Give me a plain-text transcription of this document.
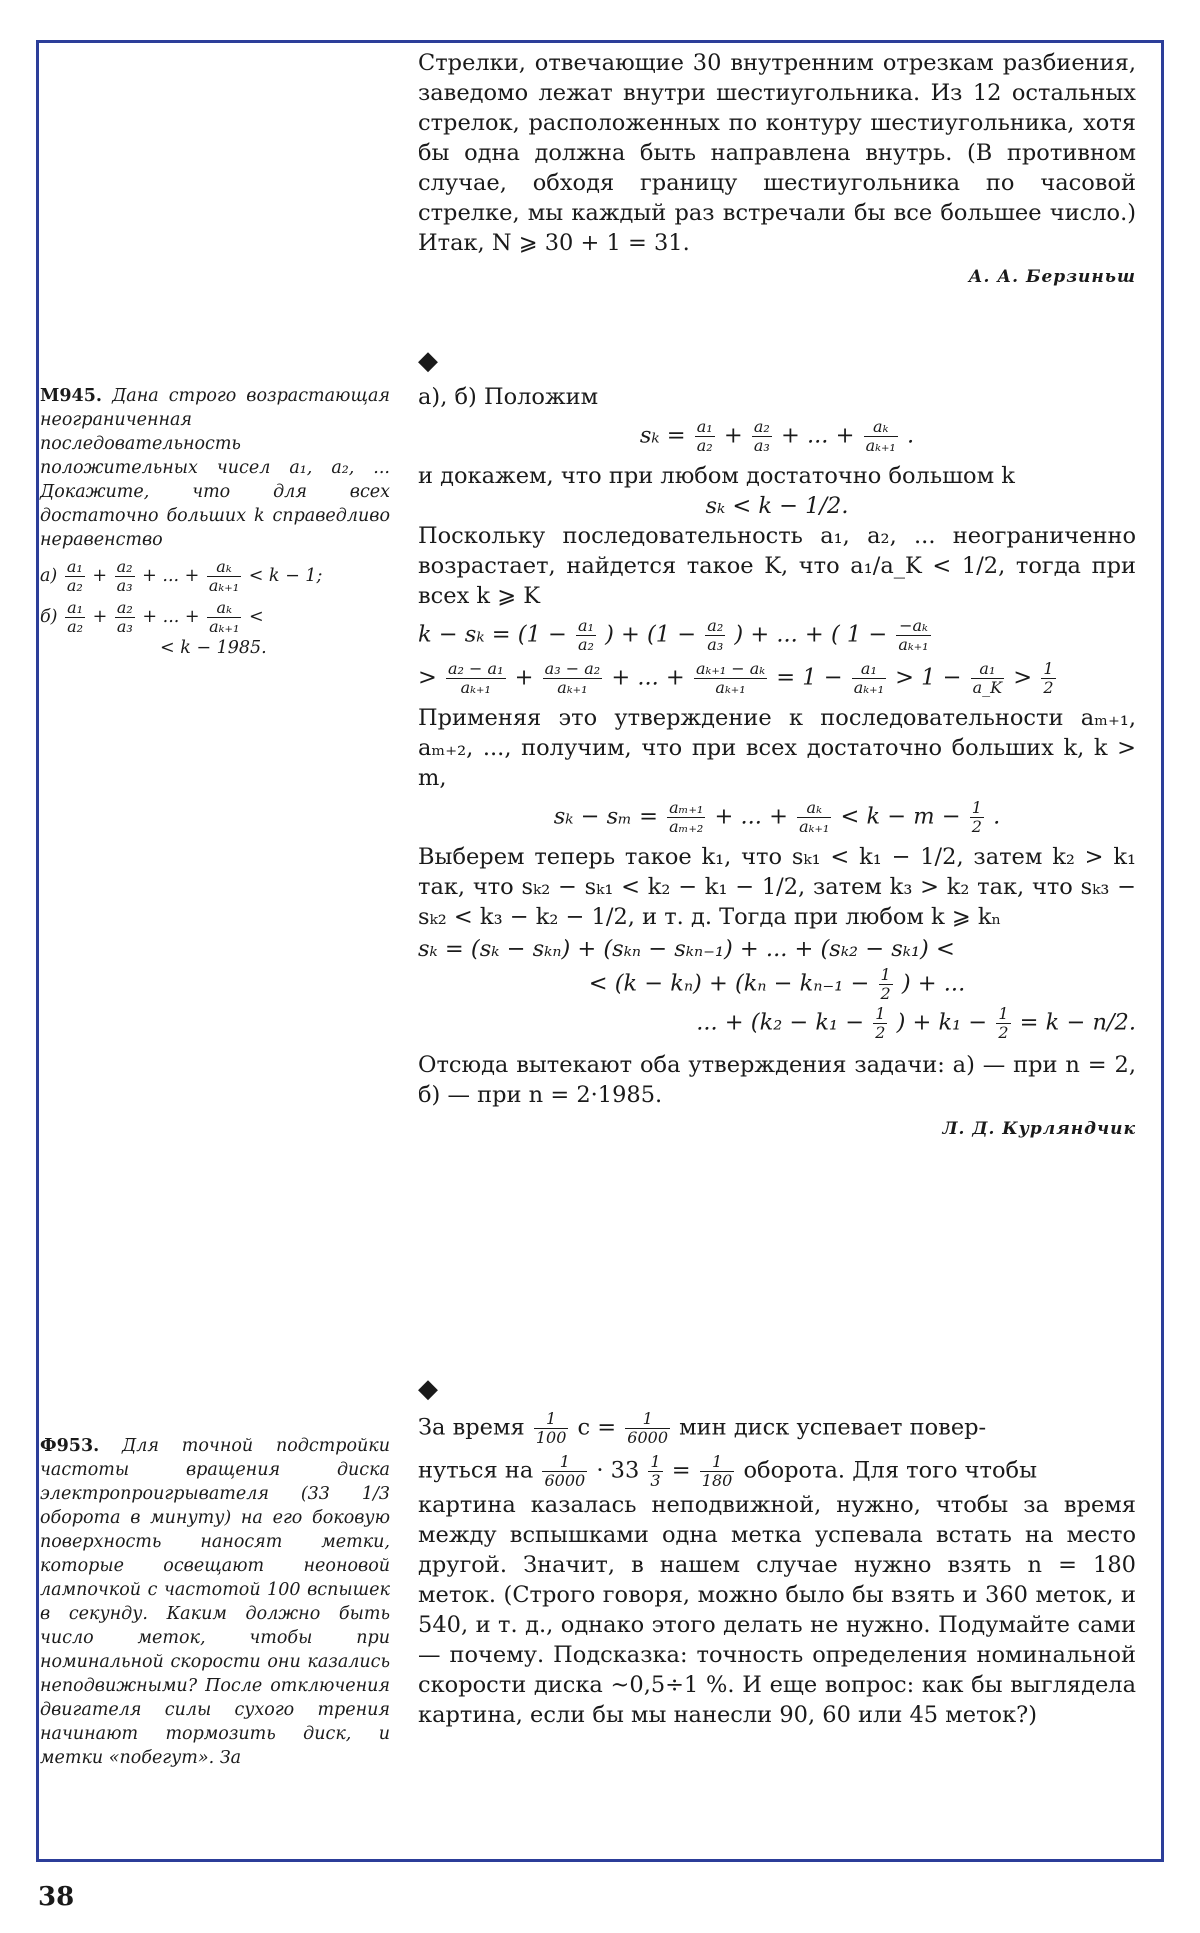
Стрелки, отвечающие 30 внутренним отрезкам разбиения, заведомо лежат внутри шестиугольника. Из 12 остальных стрелок, расположенных по контуру шестиугольника, хотя бы одна должна быть направлена внутрь. (В противном случае, обходя границу шестиугольника по часовой стрелке, мы каждый раз встречали бы все большее число.) Итак, N ⩾ 30 + 1 = 31.

А. А. Берзиньш
М945. Дана строго возрастающая неограниченная последовательность положительных чисел a₁, a₂, ... Докажите, что для всех достаточно больших k справедливо неравенство
$а) \frac{\text{a₁}}{\text{a₂}} + \frac{\text{a₂}}{\text{a₃}}$ + ... + $\frac{\text{aₖ}}{\text{aₖ₊₁}} < k - 1$;
$б) \frac{\text{a₁}}{\text{a₂}} + \frac{\text{a₂}}{\text{a₃}}$ + ... + $\frac{\text{aₖ}}{\text{aₖ₊₁}}$ <
< k − 1985.
◆

а), б) Положим

$s_k = \frac{\text{a₁}}{\text{a₂}} + \frac{\text{a₂}}{\text{a₃}}$ + ... + $\frac{\text{aₖ}}{\text{aₖ₊₁}}$ .

и докажем, что при любом достаточно большом k

sₖ < k − 1/2.

Поскольку последовательность a₁, a₂, ... неограниченно возрастает, найдется такое K, что a₁/a_K < 1/2, тогда при всех k ⩾ K

$k - s_k = (1 - \frac{\text{a₁}}{\text{a₂}}$ ) + ($1 - \frac{\text{a₂}}{\text{a₃}}$ ) + ... + ( $1 - \frac{\text{−aₖ}}{\text{aₖ₊₁}}$
> $\frac{\text{a₂ − a₁}}{\text{aₖ₊₁}} + \frac{\text{a₃ − a₂}}{\text{aₖ₊₁}}$ + ... + $\frac{\text{aₖ₊₁ − aₖ}}{\text{aₖ₊₁}} = 1 - \frac{\text{a₁}}{\text{aₖ₊₁}} > 1 - \frac{\text{a₁}}{a\_K} > \frac{1}{2}$

Применяя это утверждение к последовательности aₘ₊₁, aₘ₊₂, ..., получим, что при всех достаточно больших k, k > m,

$s_k - s_m = \frac{\text{aₘ₊₁}}{\text{aₘ₊₂}}$ + ... + $\frac{\text{aₖ}}{\text{aₖ₊₁}} < k - m - \frac{1}{2}$ .

Выберем теперь такое k₁, что sₖ₁ < k₁ − 1/2, затем k₂ > k₁ так, что sₖ₂ − sₖ₁ < k₂ − k₁ − 1/2, затем k₃ > k₂ так, что sₖ₃ − sₖ₂ < k₃ − k₂ − 1/2, и т. д. Тогда при любом k ⩾ kₙ

sₖ = (sₖ − sₖₙ) + (sₖₙ − sₖₙ₋₁) + ... + (sₖ₂ − sₖ₁) <
< $(k - k_n) + (k_n - k_{n-1} - \frac{1}{2}$ ) + ...
... + ($k_2 - k_1 - \frac{1}{2}$ ) + $k_1 - \frac{1}{2} = k - n/2$.

Отсюда вытекают оба утверждения задачи: а) — при n = 2, б) — при n = 2·1985.

Л. Д. Курляндчик
Ф953. Для точной подстройки частоты вращения диска электропроигрывателя (33 1/3 оборота в минуту) на его боковую поверхность наносят метки, которые освещают неоновой лампочкой с частотой 100 вспышек в секунду. Каким должно быть число меток, чтобы при номинальной скорости они казались неподвижными? После отключения двигателя силы сухого трения начинают тормозить диск, и метки «побегут». За
◆
За время $\frac{1}{100}$ $с = \frac{1}{6000}$ мин диск успевает повер-
нуться на $\frac{1}{6000} \cdot 33 \frac{1}{3} = \frac{1}{180}$ оборота. Для того чтобы

картина казалась неподвижной, нужно, чтобы за время между вспышками одна метка успевала встать на место другой. Значит, в нашем случае нужно взять n = 180 меток. (Строго говоря, можно было бы взять и 360 меток, и 540, и т. д., однако этого делать не нужно. Подумайте сами — почему. Подсказка: точность определения номинальной скорости диска ~0,5÷1 %. И еще вопрос: как бы выглядела картина, если бы мы нанесли 90, 60 или 45 меток?)

38
